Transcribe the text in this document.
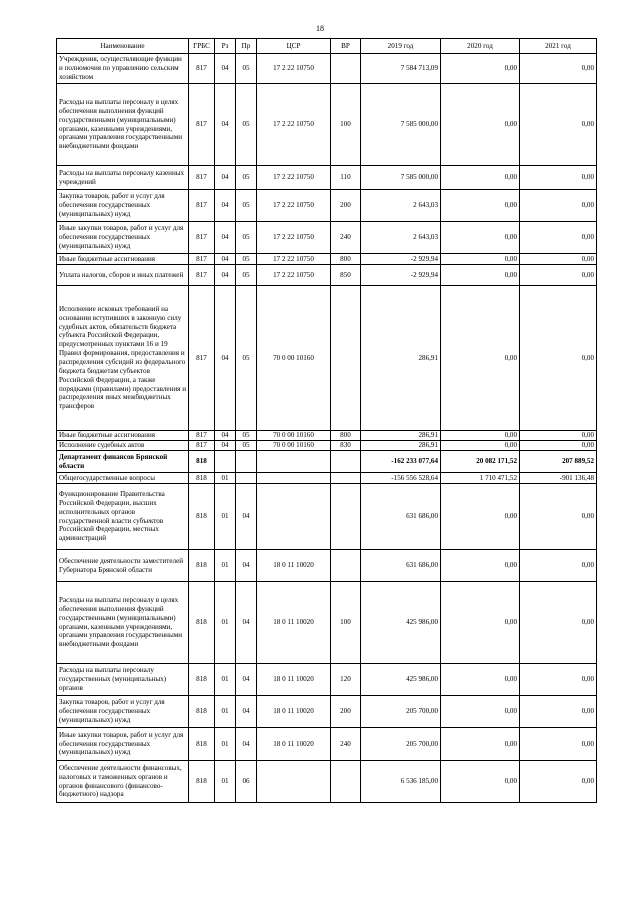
18
Наименование	ГРБС	Рз	Пр	ЦСР	ВР	2019 год	2020 год	2021 год
Учреждения, осуществляющие функции и полномочия по управлению сельским хозяйством	817	04	05	17 2 22 10750		7 584 713,09	0,00	0,00
Расходы на выплаты персоналу в целях обеспечения выполнения функций государственными (муниципальными) органами, казенными учреждениями, органами управления государственными внебюджетными фондами	817	04	05	17 2 22 10750	100	7 585 000,00	0,00	0,00
Расходы на выплаты персоналу казенных учреждений	817	04	05	17 2 22 10750	110	7 585 000,00	0,00	0,00
Закупка товаров, работ и услуг для обеспечения государственных (муниципальных) нужд	817	04	05	17 2 22 10750	200	2 643,03	0,00	0,00
Иные закупки товаров, работ и услуг для обеспечения государственных (муниципальных) нужд	817	04	05	17 2 22 10750	240	2 643,03	0,00	0,00
Иные бюджетные ассигнования	817	04	05	17 2 22 10750	800	-2 929,94	0,00	0,00
Уплата налогов, сборов и иных платежей	817	04	05	17 2 22 10750	850	-2 929,94	0,00	0,00
Исполнение исковых требований на основании вступивших в законную силу судебных актов, обязательств бюджета субъекта Российской Федерации, предусмотренных пунктами 16 и 19 Правил формирования, предоставления и распределения субсидий из федерального бюджета бюджетам субъектов Российской Федерации, а также порядками (правилами) предоставления и распределения иных межбюджетных трансферов	817	04	05	70 0 00 10160		286,91	0,00	0,00
Иные бюджетные ассигнования	817	04	05	70 0 00 10160	800	286,91	0,00	0,00
Исполнение судебных актов	817	04	05	70 0 00 10160	830	286,91	0,00	0,00
Департамент финансов Брянской области	818					-162 233 077,64	20 082 171,52	207 889,52
Общегосударственные вопросы	818	01				-156 556 528,64	1 710 471,52	-901 136,48
Функционирование Правительства Российской Федерации, высших исполнительных органов государственной власти субъектов Российской Федерации, местных администраций	818	01	04			631 686,00	0,00	0,00
Обеспечение деятельности заместителей Губернатора Брянской области	818	01	04	18 0 11 10020		631 686,00	0,00	0,00
Расходы на выплаты персоналу в целях обеспечения выполнения функций государственными (муниципальными) органами, казенными учреждениями, органами управления государственными внебюджетными фондами	818	01	04	18 0 11 10020	100	425 986,00	0,00	0,00
Расходы на выплаты персоналу государственных (муниципальных) органов	818	01	04	18 0 11 10020	120	425 986,00	0,00	0,00
Закупка товаров, работ и услуг для обеспечения государственных (муниципальных) нужд	818	01	04	18 0 11 10020	200	205 700,00	0,00	0,00
Иные закупки товаров, работ и услуг для обеспечения государственных (муниципальных) нужд	818	01	04	18 0 11 10020	240	205 700,00	0,00	0,00
Обеспечение деятельности финансовых, налоговых и таможенных органов и органов финансового (финансово-бюджетного) надзора	818	01	06			6 536 185,00	0,00	0,00
